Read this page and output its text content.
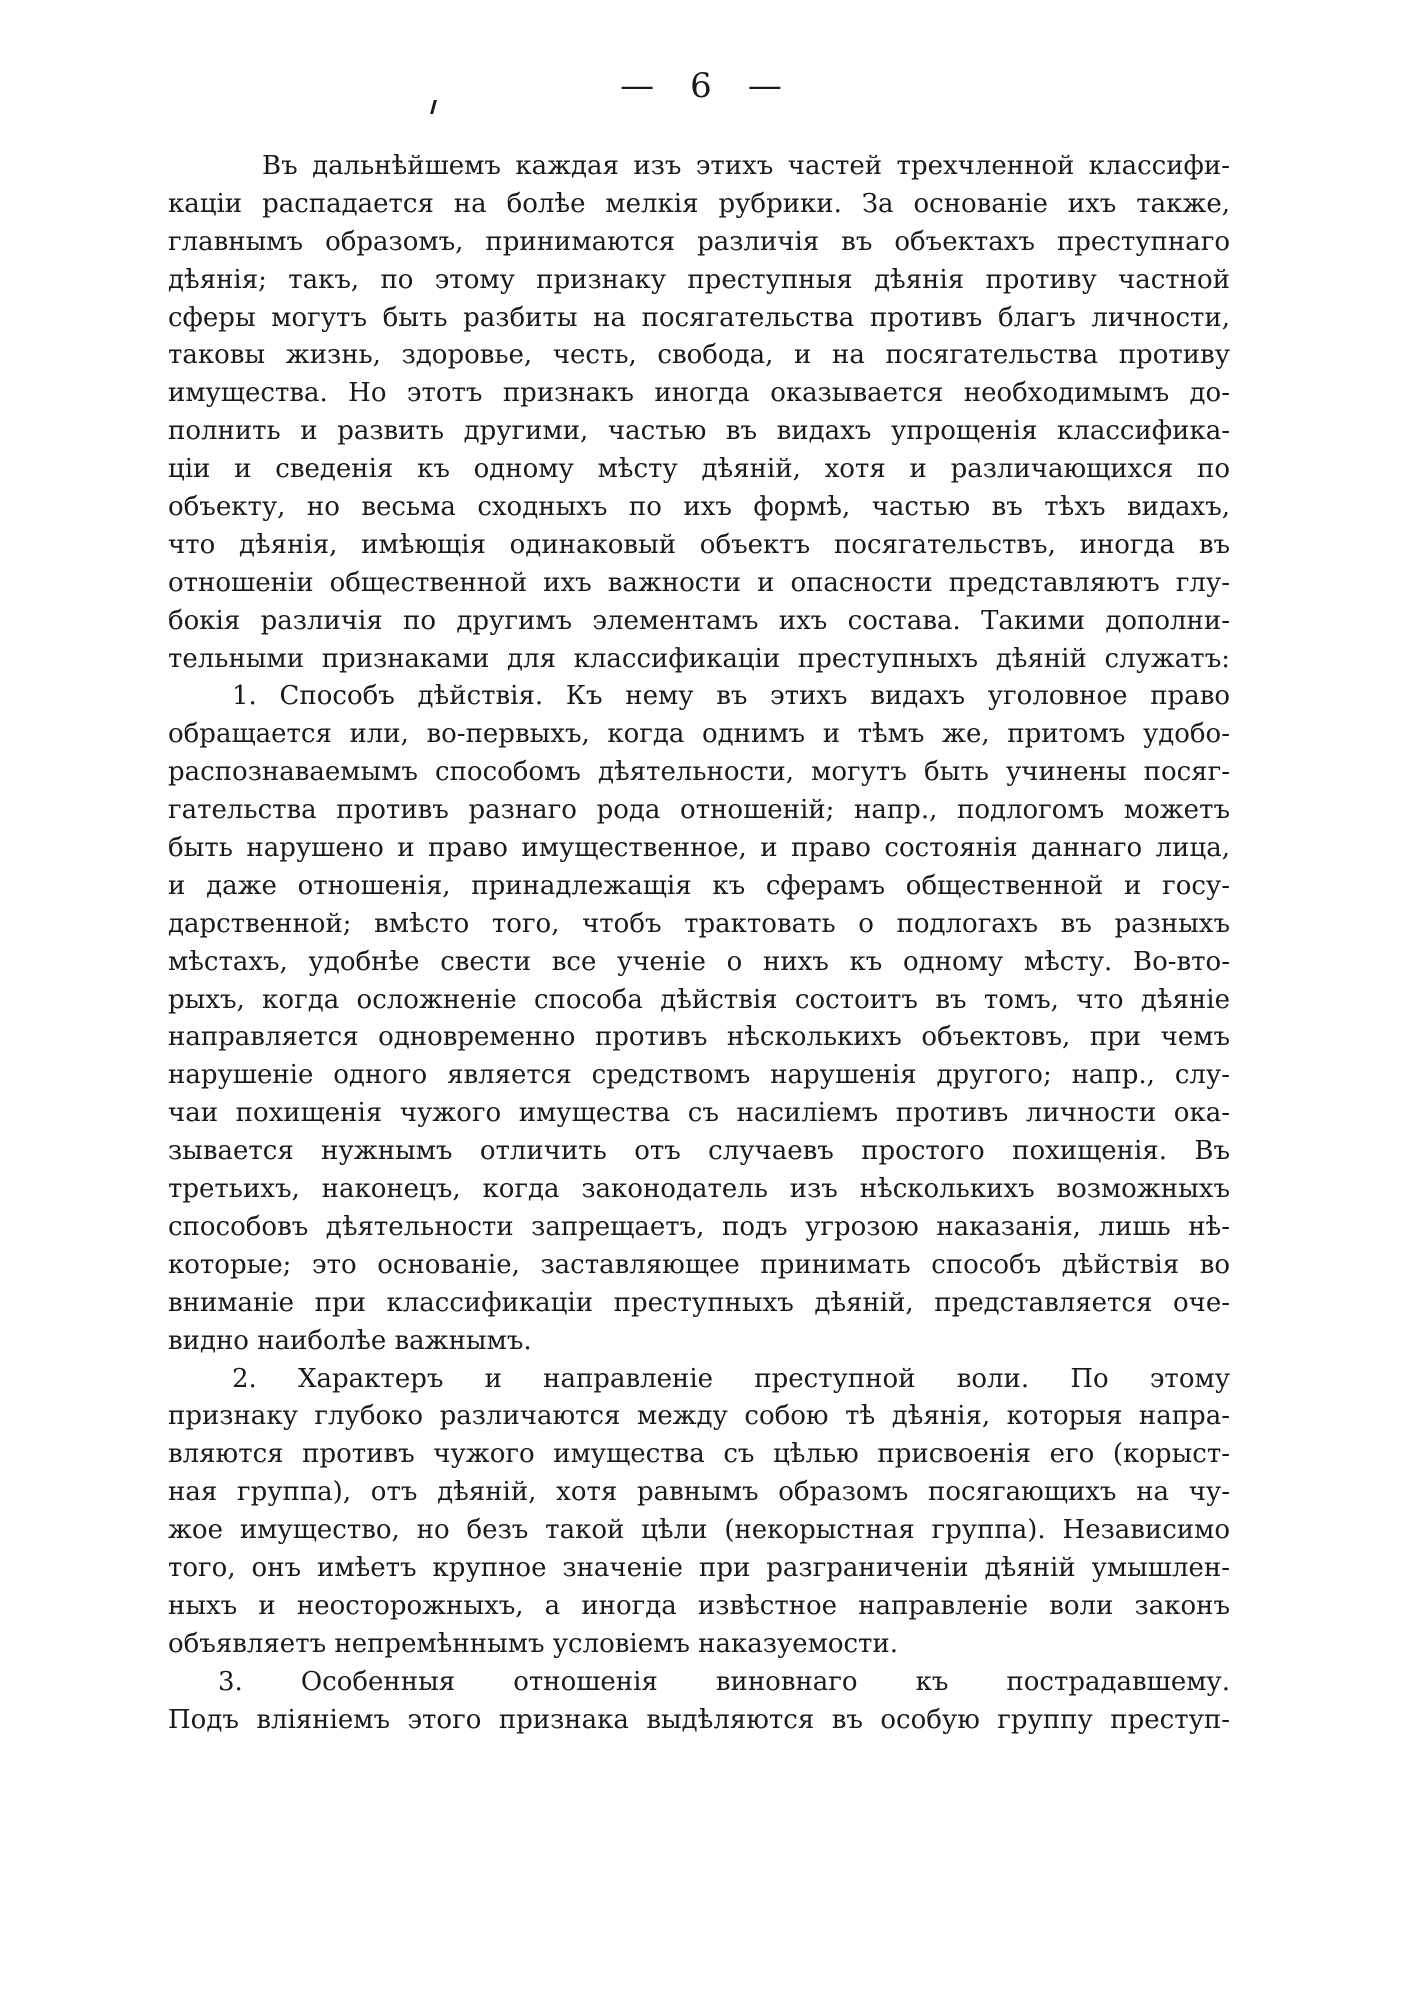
— 6 —
Въ дальнѣйшемъ каждая изъ этихъ частей трехчленной классифи-
каціи распадается на болѣе мелкія рубрики. За основаніе ихъ также,
главнымъ образомъ, принимаются различія въ объектахъ преступнаго
дѣянія; такъ, по этому признаку преступныя дѣянія противу частной
сферы могутъ быть разбиты на посягательства противъ благъ личности,
таковы жизнь, здоровье, честь, свобода, и на посягательства противу
имущества. Но этотъ признакъ иногда оказывается необходимымъ до-
полнить и развить другими, частью въ видахъ упрощенія классифика-
ціи и сведенія къ одному мѣсту дѣяній, хотя и различающихся по
объекту, но весьма сходныхъ по ихъ формѣ, частью въ тѣхъ видахъ,
что дѣянія, имѣющія одинаковый объектъ посягательствъ, иногда въ
отношеніи общественной ихъ важности и опасности представляютъ глу-
бокія различія по другимъ элементамъ ихъ состава. Такими дополни-
тельными признаками для классификаціи преступныхъ дѣяній служатъ:
1. Способъ дѣйствія. Къ нему въ этихъ видахъ уголовное право
обращается или, во-первыхъ, когда однимъ и тѣмъ же, притомъ удобо-
распознаваемымъ способомъ дѣятельности, могутъ быть учинены посяг-
гательства противъ разнаго рода отношеній; напр., подлогомъ можетъ
быть нарушено и право имущественное, и право состоянія даннаго лица,
и даже отношенія, принадлежащія къ сферамъ общественной и госу-
дарственной; вмѣсто того, чтобъ трактовать о подлогахъ въ разныхъ
мѣстахъ, удобнѣе свести все ученіе о нихъ къ одному мѣсту. Во-вто-
рыхъ, когда осложненіе способа дѣйствія состоитъ въ томъ, что дѣяніе
направляется одновременно противъ нѣсколькихъ объектовъ, при чемъ
нарушеніе одного является средствомъ нарушенія другого; напр., слу-
чаи похищенія чужого имущества съ насиліемъ противъ личности ока-
зывается нужнымъ отличить отъ случаевъ простого похищенія. Въ
третьихъ, наконецъ, когда законодатель изъ нѣсколькихъ возможныхъ
способовъ дѣятельности запрещаетъ, подъ угрозою наказанія, лишь нѣ-
которые; это основаніе, заставляющее принимать способъ дѣйствія во
вниманіе при классификаціи преступныхъ дѣяній, представляется оче-
видно наиболѣе важнымъ.
2. Характеръ и направленіе преступной воли. По этому
признаку глубоко различаются между собою тѣ дѣянія, которыя напра-
вляются противъ чужого имущества съ цѣлью присвоенія его (корыст-
ная группа), отъ дѣяній, хотя равнымъ образомъ посягающихъ на чу-
жое имущество, но безъ такой цѣли (некорыстная группа). Независимо
того, онъ имѣетъ крупное значеніе при разграниченіи дѣяній умышлен-
ныхъ и неосторожныхъ, а иногда извѣстное направленіе воли законъ
объявляетъ непремѣннымъ условіемъ наказуемости.
3. Особенныя отношенія виновнаго къ пострадавшему.
Подъ вліяніемъ этого признака выдѣляются въ особую группу преступ-
